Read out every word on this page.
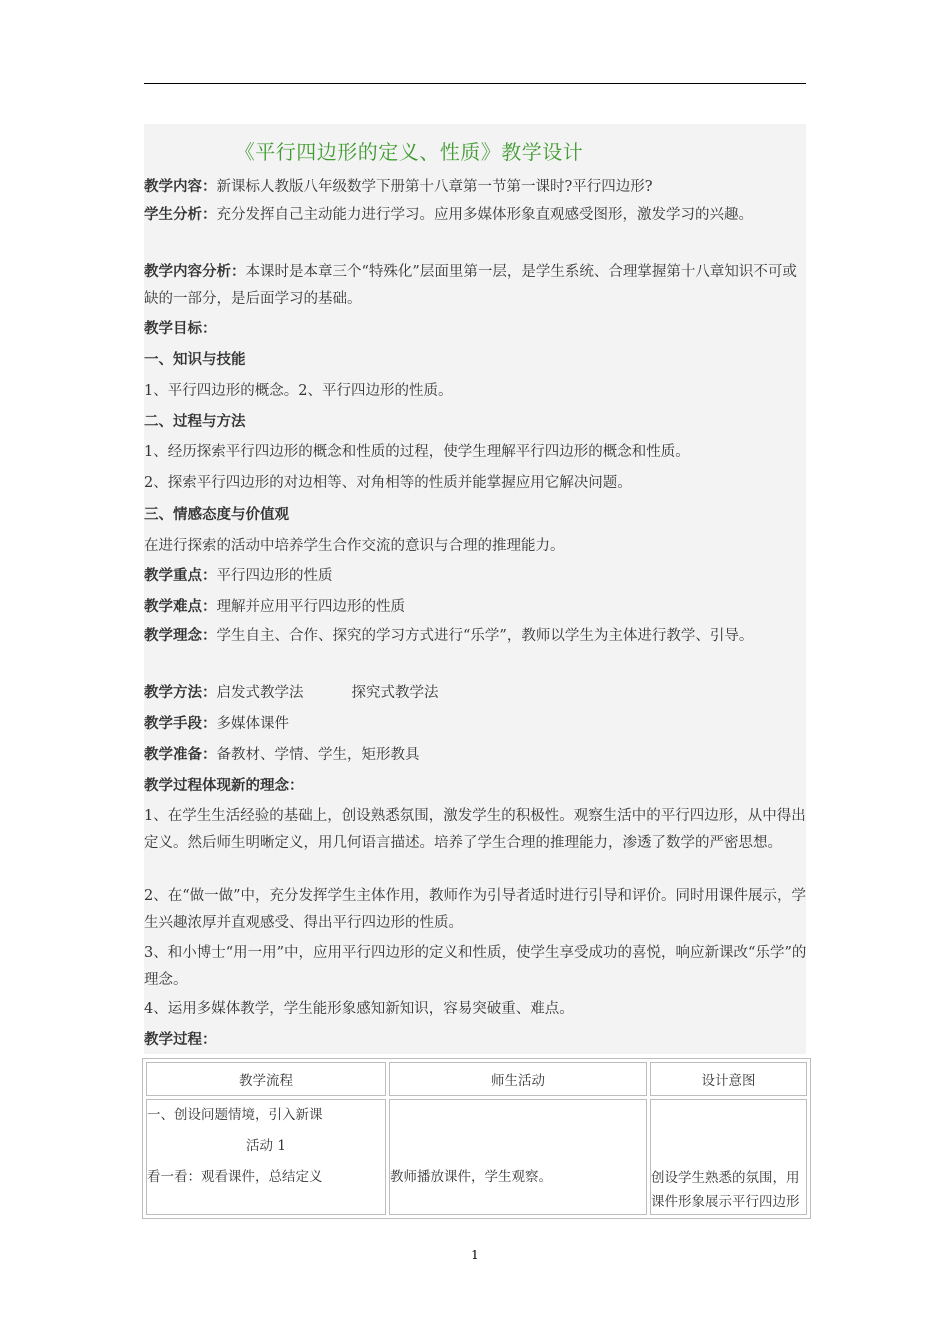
《平行四边形的定义、性质》教学设计
教学内容：新课标人教版八年级数学下册第十八章第一节第一课时?平行四边形?
学生分析：充分发挥自己主动能力进行学习。应用多媒体形象直观感受图形，激发学习的兴趣。
教学内容分析：本课时是本章三个“特殊化”层面里第一层，是学生系统、合理掌握第十八章知识不可或缺的一部分，是后面学习的基础。
教学目标：
一、知识与技能
1、平行四边形的概念。2、平行四边形的性质。
二、过程与方法
1、经历探索平行四边形的概念和性质的过程，使学生理解平行四边形的概念和性质。
2、探索平行四边形的对边相等、对角相等的性质并能掌握应用它解决问题。
三、情感态度与价值观
在进行探索的活动中培养学生合作交流的意识与合理的推理能力。
教学重点：平行四边形的性质
教学难点：理解并应用平行四边形的性质
教学理念：学生自主、合作、探究的学习方式进行“乐学”，教师以学生为主体进行教学、引导。
教学方法：启发式教学法	探究式教学法
教学手段：多媒体课件
教学准备：备教材、学情、学生，矩形教具
教学过程体现新的理念：
1、在学生生活经验的基础上，创设熟悉氛围，激发学生的积极性。观察生活中的平行四边形，从中得出定义。然后师生明晰定义，用几何语言描述。培养了学生合理的推理能力，渗透了数学的严密思想。
2、在“做一做”中，充分发挥学生主体作用，教师作为引导者适时进行引导和评价。同时用课件展示，学生兴趣浓厚并直观感受、得出平行四边形的性质。
3、和小博士“用一用”中，应用平行四边形的定义和性质，使学生享受成功的喜悦，响应新课改“乐学”的理念。
4、运用多媒体教学，学生能形象感知新知识，容易突破重、难点。
教学过程：
教学流程	师生活动	设计意图

一、创设问题情境，引入新课
活动 1
看一看：观看课件，总结定义	教师播放课件，学生观察。	创设学生熟悉的氛围，用课件形象展示平行四边形
1
